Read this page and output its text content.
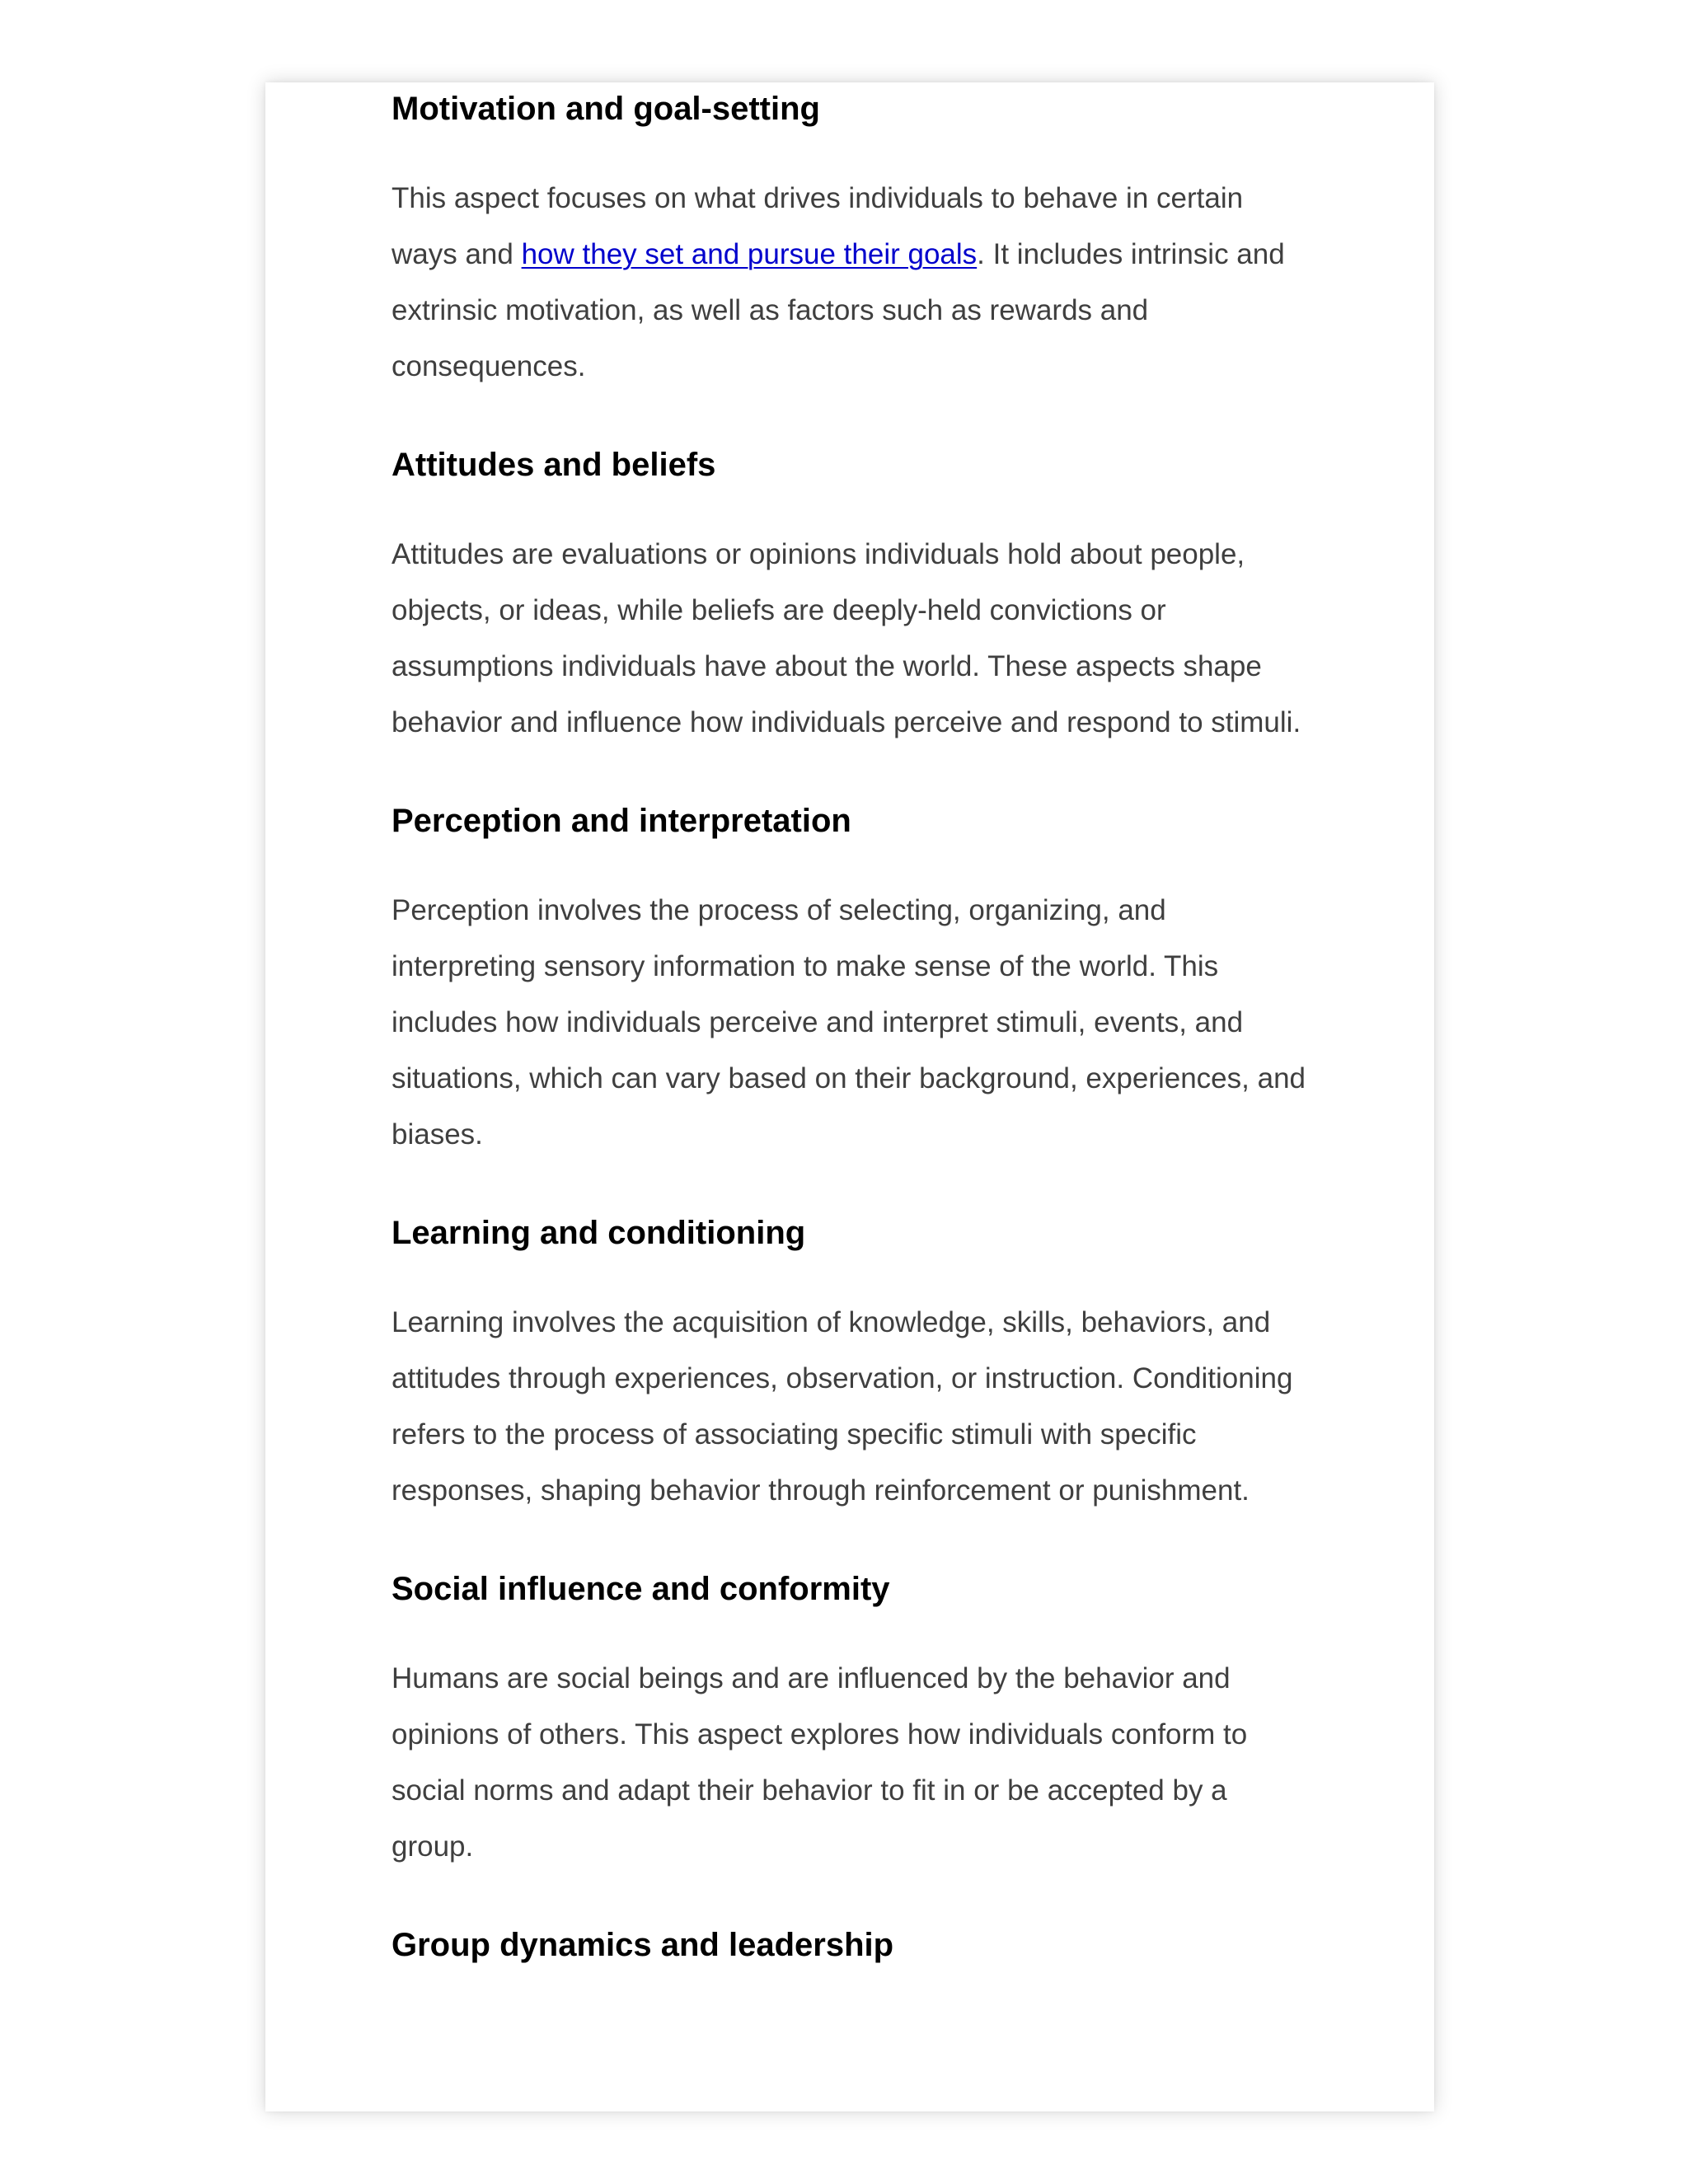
Motivation and goal-setting

This aspect focuses on what drives individuals to behave in certain ways and how they set and pursue their goals. It includes intrinsic and extrinsic motivation, as well as factors such as rewards and consequences.

Attitudes and beliefs

Attitudes are evaluations or opinions individuals hold about people, objects, or ideas, while beliefs are deeply-held convictions or assumptions individuals have about the world. These aspects shape behavior and influence how individuals perceive and respond to stimuli.

Perception and interpretation

Perception involves the process of selecting, organizing, and interpreting sensory information to make sense of the world. This includes how individuals perceive and interpret stimuli, events, and situations, which can vary based on their background, experiences, and biases.

Learning and conditioning

Learning involves the acquisition of knowledge, skills, behaviors, and attitudes through experiences, observation, or instruction. Conditioning refers to the process of associating specific stimuli with specific responses, shaping behavior through reinforcement or punishment.

Social influence and conformity

Humans are social beings and are influenced by the behavior and opinions of others. This aspect explores how individuals conform to social norms and adapt their behavior to fit in or be accepted by a group.

Group dynamics and leadership
